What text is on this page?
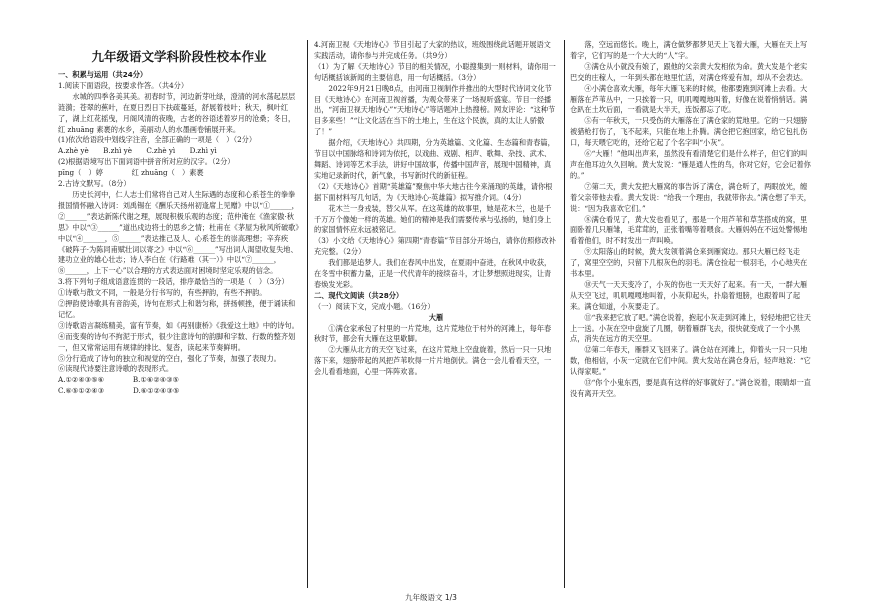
九年级语文学科阶段性校本作业

一、积累与运用（共24分）

1.阅读下面语段，按要求作答。（共4分）

水城的四季各美其美。初春时节，河边新芽吐绿，澄清的河水荡起层层涟漪；苍翠的蕉叶，在夏日烈日下扶疏蔓延，舒展着枝叶；秋天，枫叶红了，湖上红花摇曳，月阁风清的夜晚，古老的谷语述着岁月的沧桑；冬日，红 zhuāng 素裹的水乡，美丽动人的水墨画卷铺展开来。

(1)依次给语段中划线字注音，全部正确的一项是（　）（2分）

A.zhè yè　　B.zhì yè　　C.zhè yì　　D.zhì yì

(2)根据语境写出下面词语中拼音所对应的汉字。（2分）

pīng（　）婷　　　　红 zhuāng（　）素裹

2.古诗文默写。（8分）

历史长河中，仁人志士们常将自己对人生际遇的态度和心系苍生的拳拳报国情怀融入诗词：刘禹锡在《酬乐天扬州初逢席上见赠》中以“①______，②______”表达新陈代谢之理，展现积极乐观的态度；范仲淹在《渔家傲·秋思》中以“③______”道出戍边将士的思乡之情；杜甫在《茅屋为秋风所破歌》中以“④______，⑤______”表达推己及人、心系苍生的崇高理想；辛弃疾《破阵子·为陈同甫赋壮词以寄之》中以“⑥______”写出词人渴望收复失地、建功立业的雄心壮志；诗人李白在《行路难（其一）》中以“⑦______，⑧______，上下一心”以合理的方式表达面对困境时坚定乐观的信念。

3.将下列句子组成语意连贯的一段话，排序最恰当的一项是（　）（3分）

①诗歌与散文不同，一般是分行书写的，有些押韵，有些不押韵。

②押韵使诗歌具有音韵美，诗句在形式上和谐匀称，拼扬顿挫，便于诵读和记忆。

③诗歌语言凝练精美，富有节奏，如《再别康桥》《我爱这土地》中的诗句。

④而变奏的诗句不拘泥于形式，很少注意诗句的韵脚和字数、行数的整齐划一，但又常常运用有规律的排比、复沓，读起来节奏鲜明。

⑤分行造成了诗句的独立和视觉的空白，强化了节奏，加强了表现力。

⑥读现代诗要注意诗歌的表现形式。

A.①②④③⑤⑥　　　　B.①⑥②④③⑤

C.⑥⑤①②④③　　　　D.⑥①②④③⑤

4.河南卫视《天地诗心》节目引起了大家的热议，班级围绕此话题开展语文实践活动，请你参与并完成任务。（共9分）

（1）为了解《天地诗心》节目的相关情况，小聪搜集到一则材料，请你用一句话概括该新闻的主要信息，用一句话概括。（3分）

2022年9月21日晚8点，由河南卫视制作并推出的大型时代诗词文化节目《天地诗心》在河南卫视首播，为观众带来了一场视听盛宴。节目一经播出，“河南卫视天地诗心”“天地诗心”等话题冲上热搜榜。网友评论：“这种节目多来些！”“让文化活在当下的土地上，生在这个民族，真的太让人骄傲了！”

据介绍，《天地诗心》共四期，分为英雄篇、文化篇、生态篇和青春篇，节目以中国脉络和诗词为依托，以戏曲、戏剧、相声、歌舞、杂技、武术、舞蹈、诗词等艺术手法，讲好中国故事，传播中国声音，展现中国精神，真实地记录新时代，新气象，书写新时代的新征程。

（2）《天地诗心》首期“英雄篇”聚焦中华大地古往今来涌现的英雄，请你根据下面材料写几句话，为《天地诗心·英雄篇》拟写推介词。（4分）

花木兰一身戎装，替父从军。在这英雄的故事里，她是花木兰，也是千千万万个像她一样的英雄。她们的精神是我们需要传承与弘扬的，她们身上的家国情怀应永远被铭记。

（3）小文给《天地诗心》第四期“青春篇”节目部分开场白，请你仿照修改补充完整。（2分）

我们都是追梦人。我们在春风中出发，在夏雨中奋进，在秋风中收获，在冬雪中积蓄力量，正是一代代青年的接续奋斗，才让梦想照进现实，让青春焕发光彩。

二、现代文阅读（共28分）

（一）阅读下文，完成小题。（16分）

大雁

①满仓家承包了村里的一片荒地，这片荒地位于村外的河滩上，每年春秋时节，都会有大雁在这里歇脚。

②大雁从北方的天空飞过来，在这片荒地上空盘旋着，然后一只一只地落下来，翅膀带起的风把芦苇吹得一片片地倒伏。满仓一会儿看看天空，一会儿看看地面，心里一阵阵欢喜。

落，空远而悠长。晚上，满仓做梦都梦见天上飞着大雁，大雁在天上写着字，它们写的是一个大大的“人”字。

③满仓从小就没有娘了，跟他的父亲黄大发相依为命。黄大发是个老实巴交的庄稼人，一年到头都在地里忙活，对满仓疼爱有加，却从不会表达。

④小满仓喜欢大雁，每年大雁飞来的时候，他都要跑到河滩上去看。大雁落在芦苇丛中，一只挨着一只，叽叽嘎嘎地叫着，好像在说着悄悄话。满仓趴在土坎后面，一看就是大半天，连饭都忘了吃。

⑤有一年秋天，一只受伤的大雁落在了满仓家的荒地里。它的一只翅膀被猎枪打伤了，飞不起来，只能在地上扑腾。满仓把它抱回家，给它包扎伤口，每天喂它吃的，还给它起了个名字叫“小灰”。

⑥“大雁！”他叫出声来，虽然没有看清楚它们是什么样子，但它们的叫声在他耳边久久回响。黄大发说：“雁是通人性的鸟，你对它好，它会记着你的。”

⑦第二天，黄大发把大雁窝的事告诉了满仓，满仓听了，两眼放光，缠着父亲带他去看。黄大发说：“给我一个理由，我就带你去。”满仓想了半天，说：“因为我喜欢它们。”

⑧满仓看见了，黄大发也看见了，那是一个用芦苇和草茎搭成的窝，里面卧着几只雁雏，毛茸茸的，正张着嘴等着喂食。大雁妈妈在不远处警惕地看着他们，时不时发出一声叫唤。

⑨太阳落山的时候，黄大发领着满仓来到雁窝边。那只大雁已经飞走了，窝里空空的，只留下几根灰色的羽毛。满仓捡起一根羽毛，小心地夹在书本里。

⑩天气一天天变冷了，小灰的伤也一天天好了起来。有一天，一群大雁从天空飞过，叽叽嘎嘎地叫着，小灰仰起头，扑扇着翅膀，也跟着叫了起来。满仓知道，小灰要走了。

⑪“我来把它放了吧。”满仓说着，抱起小灰走到河滩上，轻轻地把它往天上一送。小灰在空中盘旋了几圈，朝着雁群飞去，很快就变成了一个小黑点，消失在远方的天空里。

⑫第二年春天，雁群又飞回来了。满仓站在河滩上，仰着头一只一只地数，他相信，小灰一定就在它们中间。黄大发站在满仓身后，轻声地说：“它认得家呢。”

⑬“你个小鬼东西，要是真有这样的好事就好了。”满仓说着，眼睛却一直没有离开天空。

九年级语文 1/3
